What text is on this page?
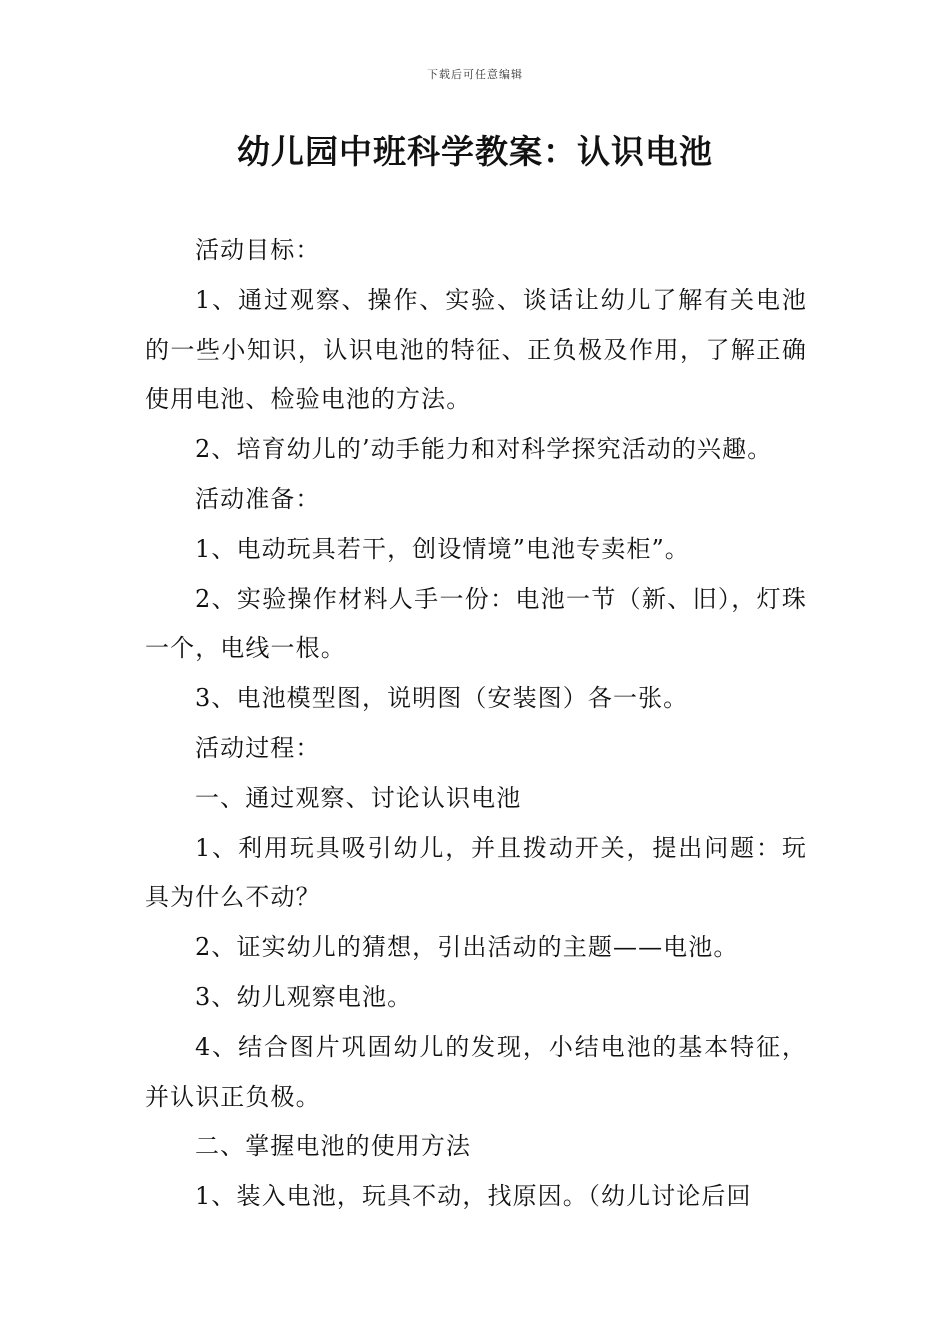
下载后可任意编辑
幼儿园中班科学教案：认识电池

活动目标：

1、通过观察、操作、实验、谈话让幼儿了解有关电池的一些小知识，认识电池的特征、正负极及作用，了解正确使用电池、检验电池的方法。

2、培育幼儿的’动手能力和对科学探究活动的兴趣。

活动准备：

1、电动玩具若干，创设情境”电池专卖柜”。

2、实验操作材料人手一份：电池一节（新、旧），灯珠一个，电线一根。

3、电池模型图，说明图（安装图）各一张。

活动过程：

一、通过观察、讨论认识电池

1、利用玩具吸引幼儿，并且拨动开关，提出问题：玩具为什么不动？

2、证实幼儿的猜想，引出活动的主题——电池。

3、幼儿观察电池。

4、结合图片巩固幼儿的发现，小结电池的基本特征，并认识正负极。

二、掌握电池的使用方法

1、装入电池，玩具不动，找原因。（幼儿讨论后回
